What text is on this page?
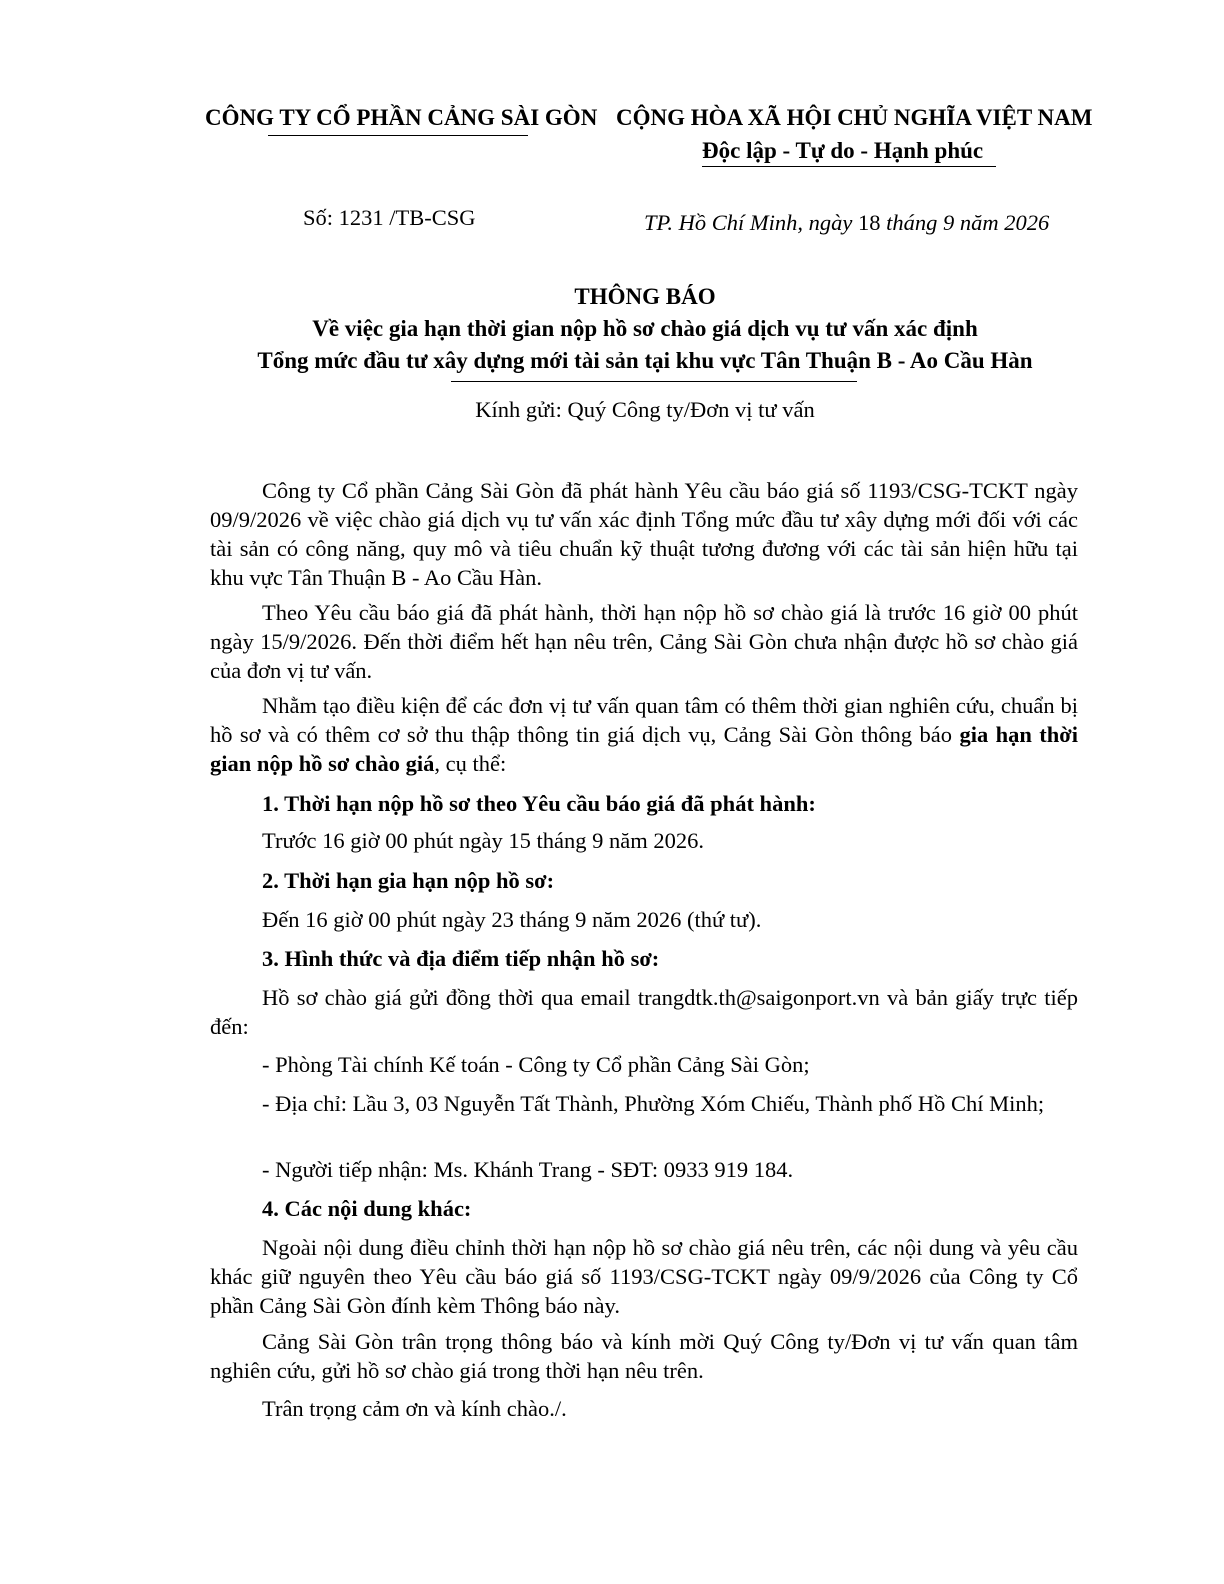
CÔNG TY CỔ PHẦN CẢNG SÀI GÒN CỘNG HÒA XÃ HỘI CHỦ NGHĨA VIỆT NAM
Độc lập - Tự do - Hạnh phúc
Số: 1231 /TB-CSG	TP. Hồ Chí Minh, ngày 18 tháng 9 năm 2026
THÔNG BÁO
Về việc gia hạn thời gian nộp hồ sơ chào giá dịch vụ tư vấn xác định
Tổng mức đầu tư xây dựng mới tài sản tại khu vực Tân Thuận B - Ao Cầu Hàn
Kính gửi: Quý Công ty/Đơn vị tư vấn
Công ty Cổ phần Cảng Sài Gòn đã phát hành Yêu cầu báo giá số 1193/CSG-TCKT ngày 09/9/2026 về việc chào giá dịch vụ tư vấn xác định Tổng mức đầu tư xây dựng mới đối với các tài sản có công năng, quy mô và tiêu chuẩn kỹ thuật tương đương với các tài sản hiện hữu tại khu vực Tân Thuận B - Ao Cầu Hàn.
Theo Yêu cầu báo giá đã phát hành, thời hạn nộp hồ sơ chào giá là trước 16 giờ 00 phút ngày 15/9/2026. Đến thời điểm hết hạn nêu trên, Cảng Sài Gòn chưa nhận được hồ sơ chào giá của đơn vị tư vấn.
Nhằm tạo điều kiện để các đơn vị tư vấn quan tâm có thêm thời gian nghiên cứu, chuẩn bị hồ sơ và có thêm cơ sở thu thập thông tin giá dịch vụ, Cảng Sài Gòn thông báo gia hạn thời gian nộp hồ sơ chào giá, cụ thể:
1. Thời hạn nộp hồ sơ theo Yêu cầu báo giá đã phát hành:
Trước 16 giờ 00 phút ngày 15 tháng 9 năm 2026.
2. Thời hạn gia hạn nộp hồ sơ:
Đến 16 giờ 00 phút ngày 23 tháng 9 năm 2026 (thứ tư).
3. Hình thức và địa điểm tiếp nhận hồ sơ:
Hồ sơ chào giá gửi đồng thời qua email trangdtk.th@saigonport.vn và bản giấy trực tiếp đến:
- Phòng Tài chính Kế toán - Công ty Cổ phần Cảng Sài Gòn;
- Địa chỉ: Lầu 3, 03 Nguyễn Tất Thành, Phường Xóm Chiếu, Thành phố Hồ Chí Minh;
- Người tiếp nhận: Ms. Khánh Trang - SĐT: 0933 919 184.
4. Các nội dung khác:
Ngoài nội dung điều chỉnh thời hạn nộp hồ sơ chào giá nêu trên, các nội dung và yêu cầu khác giữ nguyên theo Yêu cầu báo giá số 1193/CSG-TCKT ngày 09/9/2026 của Công ty Cổ phần Cảng Sài Gòn đính kèm Thông báo này.
Cảng Sài Gòn trân trọng thông báo và kính mời Quý Công ty/Đơn vị tư vấn quan tâm nghiên cứu, gửi hồ sơ chào giá trong thời hạn nêu trên.
Trân trọng cảm ơn và kính chào./.
